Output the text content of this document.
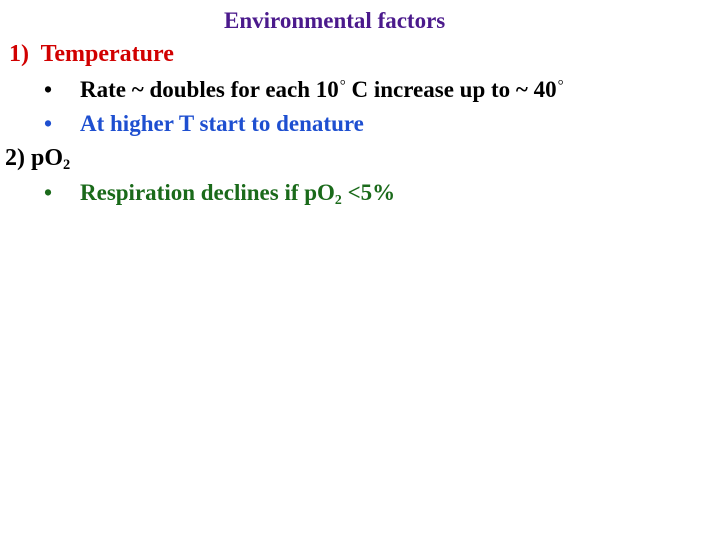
Environmental factors
1) Temperature
• Rate ~ doubles for each 10° C increase up to ~ 40°
• At higher T start to denature
2) $pO_2$
• Respiration declines if $pO_2 <5\%$
